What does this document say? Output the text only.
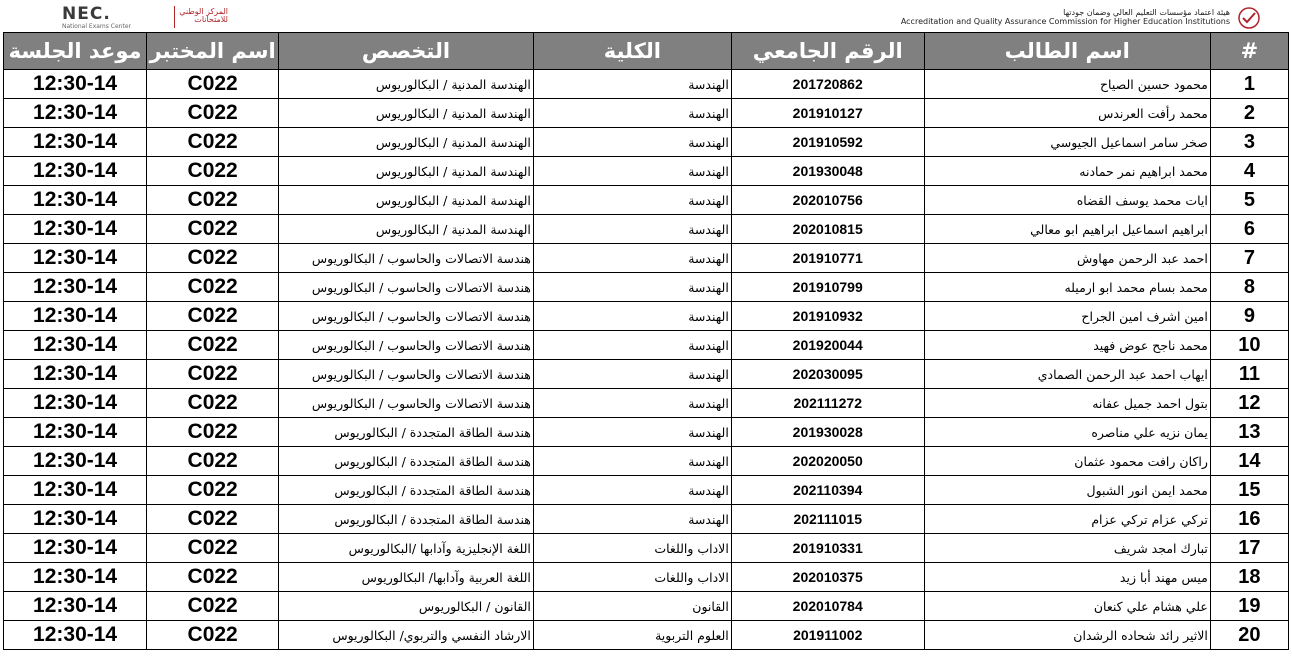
NEC.
National Exams Center
المركز الوطني للامتحانات
هيئة اعتماد مؤسسات التعليم العالي وضمان جودتها
Accreditation and Quality Assurance Commission for Higher Education Institutions
#	اسم الطالب	الرقم الجامعي	الكلية	التخصص	اسم المختبر	موعد الجلسة
1	محمود حسين الصياح	201720862	الهندسة	الهندسة المدنية / البكالوريوس	C022	12:30-14
2	محمد رأفت العرندس	201910127	الهندسة	الهندسة المدنية / البكالوريوس	C022	12:30-14
3	صخر سامر اسماعيل الجيوسي	201910592	الهندسة	الهندسة المدنية / البكالوريوس	C022	12:30-14
4	محمد ابراهيم نمر حمادنه	201930048	الهندسة	الهندسة المدنية / البكالوريوس	C022	12:30-14
5	ايات محمد يوسف القضاه	202010756	الهندسة	الهندسة المدنية / البكالوريوس	C022	12:30-14
6	ابراهيم اسماعيل ابراهيم ابو معالي	202010815	الهندسة	الهندسة المدنية / البكالوريوس	C022	12:30-14
7	احمد عبد الرحمن مهاوش	201910771	الهندسة	هندسة الاتصالات والحاسوب / البكالوريوس	C022	12:30-14
8	محمد بسام محمد ابو ارميله	201910799	الهندسة	هندسة الاتصالات والحاسوب / البكالوريوس	C022	12:30-14
9	امين اشرف امين الجراح	201910932	الهندسة	هندسة الاتصالات والحاسوب / البكالوريوس	C022	12:30-14
10	محمد ناجح عوض فهيد	201920044	الهندسة	هندسة الاتصالات والحاسوب / البكالوريوس	C022	12:30-14
11	ايهاب احمد عبد الرحمن الصمادي	202030095	الهندسة	هندسة الاتصالات والحاسوب / البكالوريوس	C022	12:30-14
12	بتول احمد جميل عفانه	202111272	الهندسة	هندسة الاتصالات والحاسوب / البكالوريوس	C022	12:30-14
13	يمان نزيه علي مناصره	201930028	الهندسة	هندسة الطاقة المتجددة / البكالوريوس	C022	12:30-14
14	راكان رافت محمود عثمان	202020050	الهندسة	هندسة الطاقة المتجددة / البكالوريوس	C022	12:30-14
15	محمد ايمن انور الشبول	202110394	الهندسة	هندسة الطاقة المتجددة / البكالوريوس	C022	12:30-14
16	تركي عزام تركي عزام	202111015	الهندسة	هندسة الطاقة المتجددة / البكالوريوس	C022	12:30-14
17	تبارك امجد شريف	201910331	الاداب واللغات	اللغة الإنجليزية وآدابها /البكالوريوس	C022	12:30-14
18	ميس مهند أبا زيد	202010375	الاداب واللغات	اللغة العربية وآدابها/ البكالوريوس	C022	12:30-14
19	علي هشام علي كنعان	202010784	القانون	القانون / البكالوريوس	C022	12:30-14
20	الاثير رائد شحاده الرشدان	201911002	العلوم التربوية	الارشاد النفسي والتربوي/ البكالوريوس	C022	12:30-14
